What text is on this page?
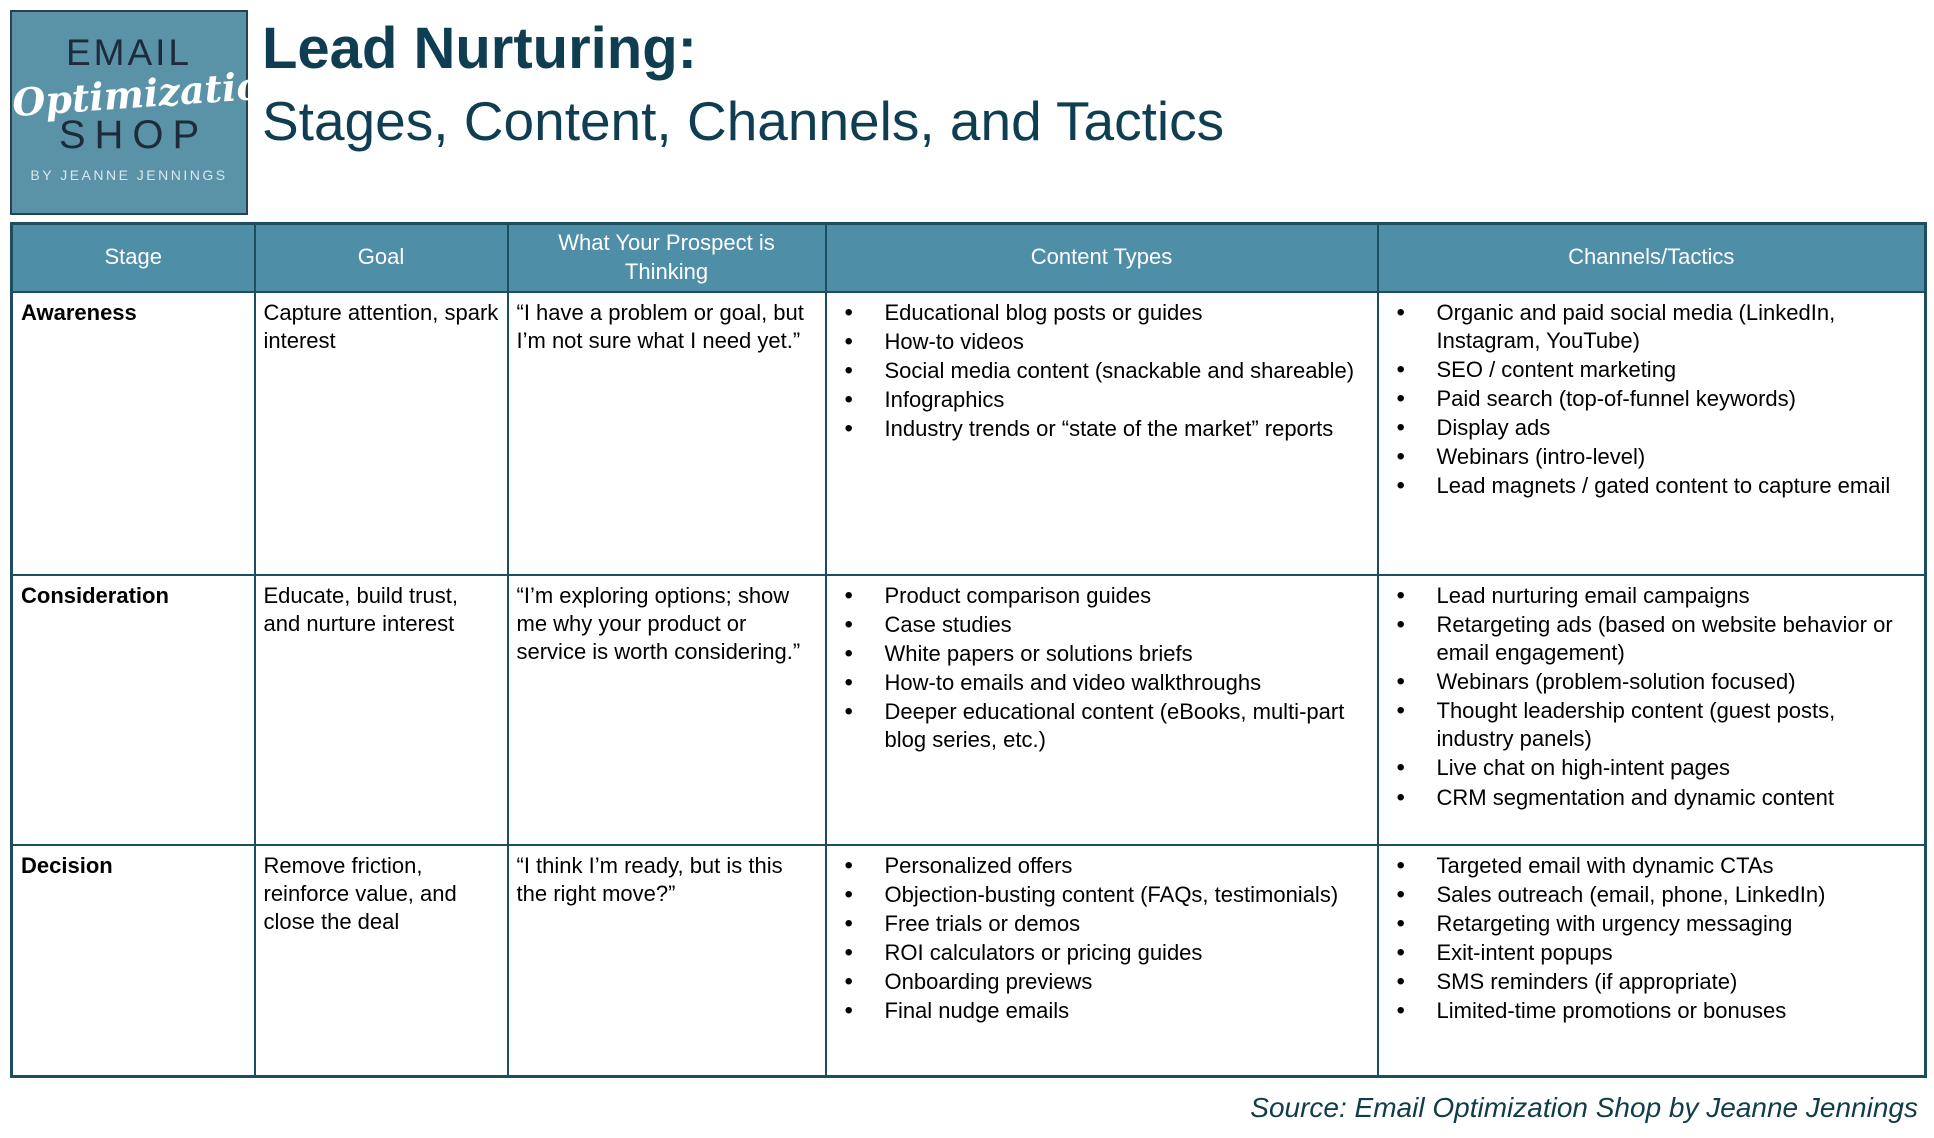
EMAIL
Optimization
SHOP
BY JEANNE JENNINGS
Lead Nurturing:
Stages, Content, Channels, and Tactics
Stage	Goal	What Your Prospect is Thinking	Content Types	Channels/Tactics
Awareness	Capture attention, spark interest	“I have a problem or goal, but I’m not sure what I need yet.”	
• Educational blog posts or guides
• How-to videos
• Social media content (snackable and shareable)
• Infographics
• Industry trends or “state of the market” reports

• Organic and paid social media (LinkedIn, Instagram, YouTube)
• SEO / content marketing
• Paid search (top-of-funnel keywords)
• Display ads
• Webinars (intro-level)
• Lead magnets / gated content to capture email

Consideration	Educate, build trust, and nurture interest	“I’m exploring options; show me why your product or service is worth considering.”	
• Product comparison guides
• Case studies
• White papers or solutions briefs
• How-to emails and video walkthroughs
• Deeper educational content (eBooks, multi-part blog series, etc.)

• Lead nurturing email campaigns
• Retargeting ads (based on website behavior or email engagement)
• Webinars (problem-solution focused)
• Thought leadership content (guest posts, industry panels)
• Live chat on high-intent pages
• CRM segmentation and dynamic content

Decision	Remove friction, reinforce value, and close the deal	“I think I’m ready, but is this the right move?”	
• Personalized offers
• Objection-busting content (FAQs, testimonials)
• Free trials or demos
• ROI calculators or pricing guides
• Onboarding previews
• Final nudge emails

• Targeted email with dynamic CTAs
• Sales outreach (email, phone, LinkedIn)
• Retargeting with urgency messaging
• Exit-intent popups
• SMS reminders (if appropriate)
• Limited-time promotions or bonuses
Source: Email Optimization Shop by Jeanne Jennings
